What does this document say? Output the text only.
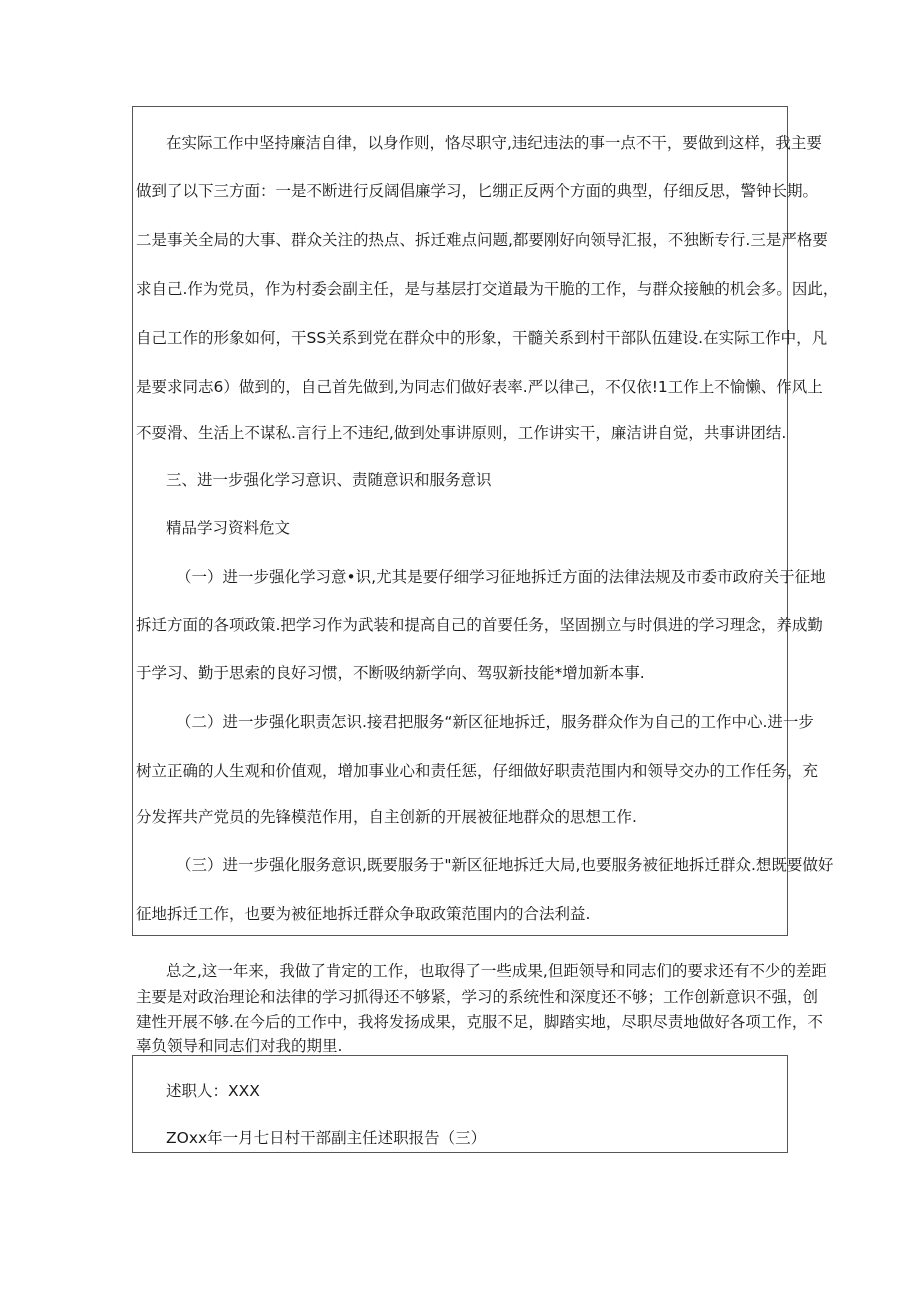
在实际工作中坚持廉洁自律，以身作则，恪尽职守,违纪违法的事一点不干，要做到这样，我主要
做到了以下三方面：一是不断进行反阔倡廉学习，匕绷正反两个方面的典型，仔细反思，警钟长期。
二是事关全局的大事、群众关注的热点、拆迁难点问题,都要刚好向领导汇报，不独断专行.三是严格要
求自己.作为党员，作为村委会副主任，是与基层打交道最为干脆的工作，与群众接触的机会多。因此，
自己工作的形象如何，干SS关系到党在群众中的形象，干髓关系到村干部队伍建设.在实际工作中，凡
是要求同志6）做到的，自己首先做到,为同志们做好表率.严以律己，不仅依!1工作上不愉懒、作风上
不耍滑、生活上不谋私.言行上不违纪,做到处事讲原则，工作讲实干，廉洁讲自觉，共事讲团结.
三、进一步强化学习意识、责随意识和服务意识
精品学习资料危文
（一）进一步强化学习意•识,尤其是要仔细学习征地拆迁方面的法律法规及市委市政府关于征地
拆迁方面的各项政策.把学习作为武装和提高自己的首要任务，坚固捌立与时俱进的学习理念，养成勤
于学习、勤于思索的良好习惯，不断吸纳新学向、驾驭新技能*增加新本事.
（二）进一步强化职责怎识.接君把服务“新区征地拆迁，服务群众作为自己的工作中心.进一步
树立正确的人生观和价值观，增加事业心和责任惩，仔细做好职责范围内和领导交办的工作任务，充
分发挥共产党员的先锋模范作用，自主创新的开展被征地群众的思想工作.
（三）进一步强化服务意识,既要服务于"新区征地拆迁大局,也要服务被征地拆迁群众.想既要做好
征地拆迁工作，也要为被征地拆迁群众争取政策范围内的合法利益.
总之,这一年来，我做了肯定的工作，也取得了一些成果,但距领导和同志们的要求还有不少的差距
主要是对政治理论和法律的学习抓得还不够紧，学习的系统性和深度还不够；工作创新意识不强，创
建性开展不够.在今后的工作中，我将发扬成果，克服不足，脚踏实地，尽职尽责地做好各项工作，不
辜负领导和同志们对我的期里.
述职人：XXX
ZOxx年一月七日村干部副主任述职报告（三）
